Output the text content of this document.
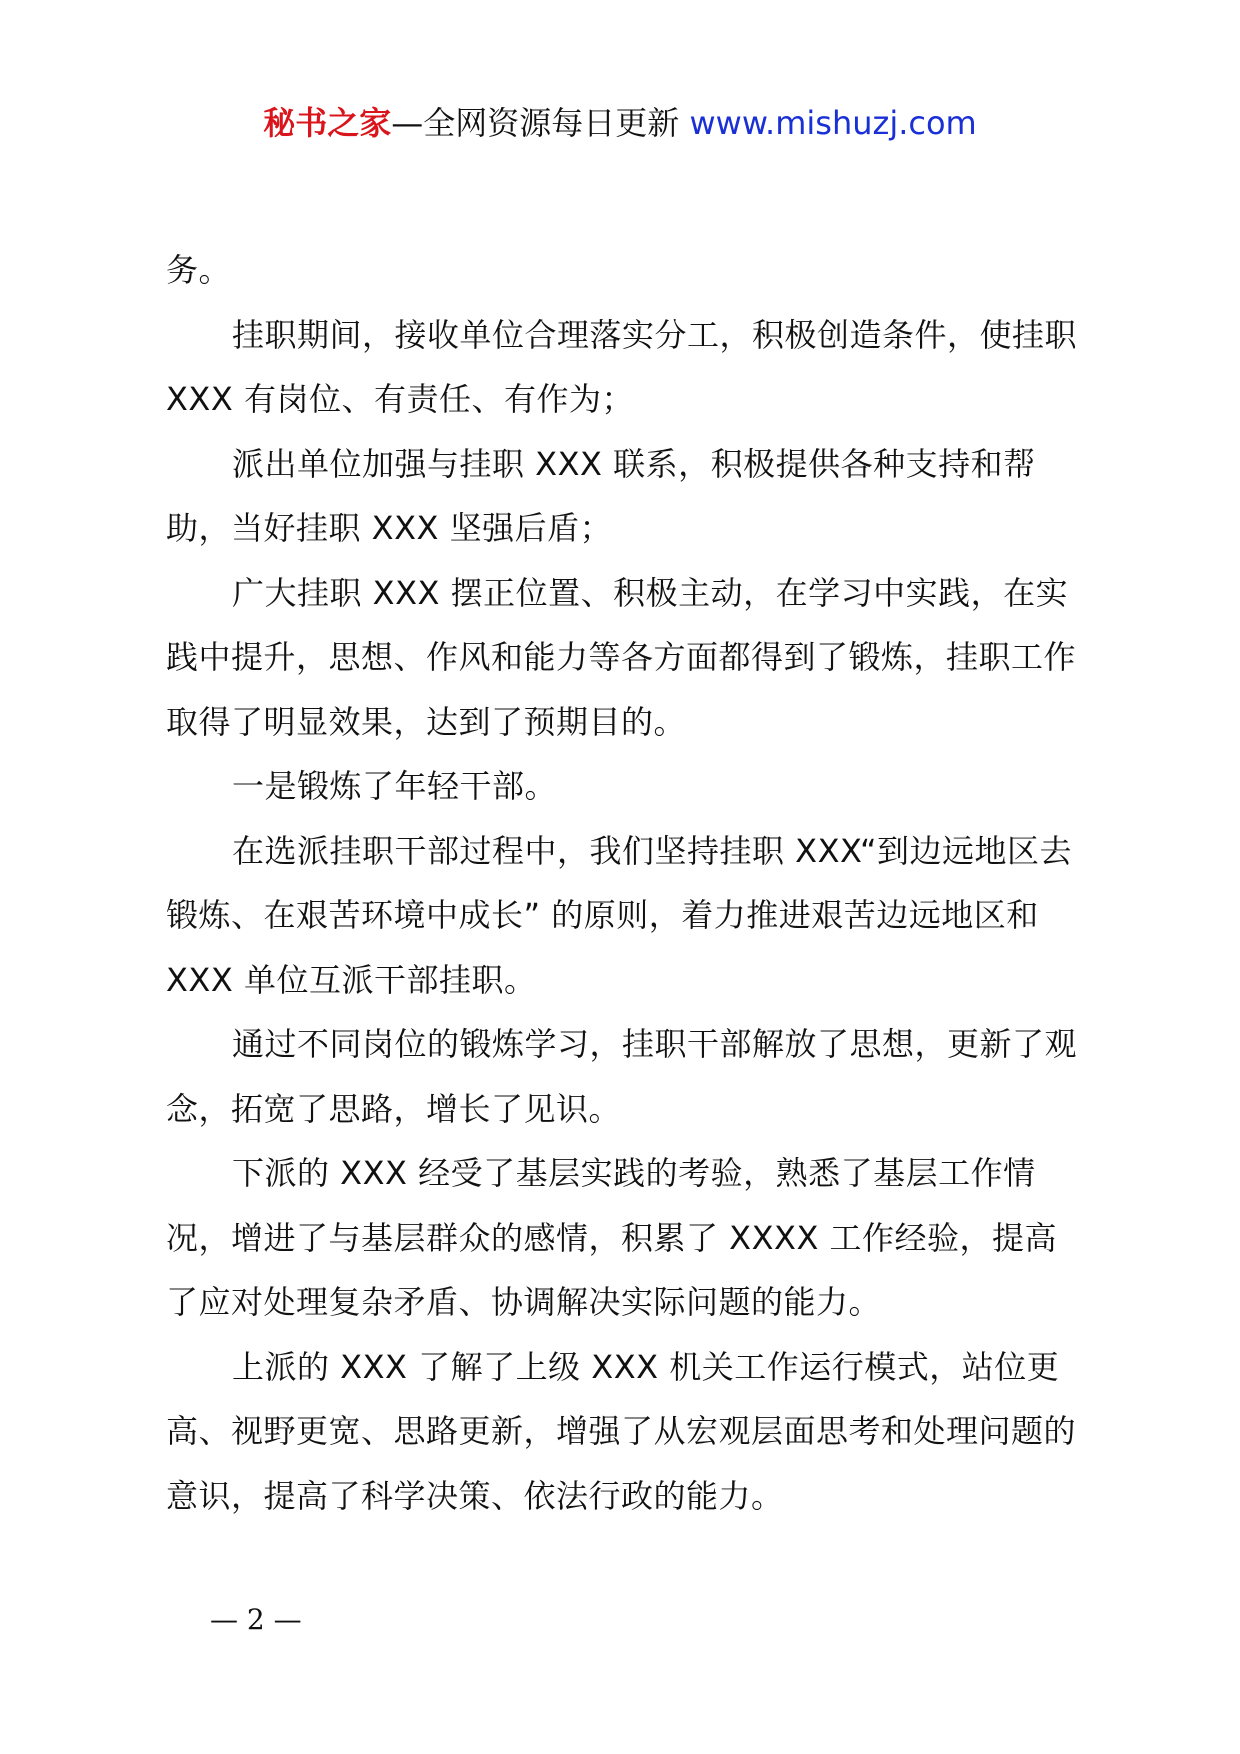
秘书之家—全网资源每日更新 www.mishuzj.com

务。

挂职期间，接收单位合理落实分工，积极创造条件，使挂职 XXX 有岗位、有责任、有作为；

派出单位加强与挂职 XXX 联系，积极提供各种支持和帮助，当好挂职 XXX 坚强后盾；

广大挂职 XXX 摆正位置、积极主动，在学习中实践，在实践中提升，思想、作风和能力等各方面都得到了锻炼，挂职工作取得了明显效果，达到了预期目的。

一是锻炼了年轻干部。

在选派挂职干部过程中，我们坚持挂职 XXX“到边远地区去锻炼、在艰苦环境中成长” 的原则，着力推进艰苦边远地区和 XXX 单位互派干部挂职。

通过不同岗位的锻炼学习，挂职干部解放了思想，更新了观念，拓宽了思路，增长了见识。

下派的 XXX 经受了基层实践的考验，熟悉了基层工作情况，增进了与基层群众的感情，积累了 XXXX 工作经验，提高了应对处理复杂矛盾、协调解决实际问题的能力。

上派的 XXX 了解了上级 XXX 机关工作运行模式，站位更高、视野更宽、思路更新，增强了从宏观层面思考和处理问题的意识，提高了科学决策、依法行政的能力。

— 2 —
